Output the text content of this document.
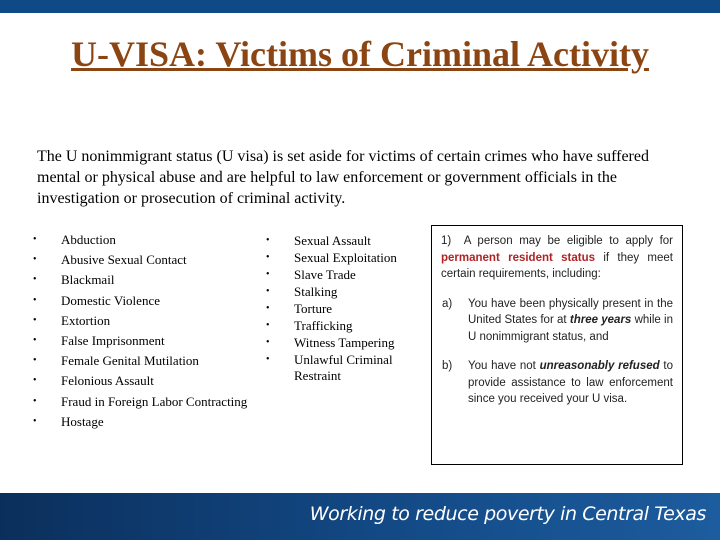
U-VISA: Victims of Criminal Activity
The U nonimmigrant status (U visa) is set aside for victims of certain crimes who have suffered mental or physical abuse and are helpful to law enforcement or government officials in the investigation or prosecution of criminal activity.
• Abduction
• Abusive Sexual Contact
• Blackmail
• Domestic Violence
• Extortion
• False Imprisonment
• Female Genital Mutilation
• Felonious Assault
• Fraud in Foreign Labor Contracting
• Hostage
• Sexual Assault
• Sexual Exploitation
• Slave Trade
• Stalking
• Torture
• Trafficking
• Witness Tampering
• Unlawful Criminal Restraint

1) A person may be eligible to apply for permanent resident status if they meet certain requirements, including:

a) You have been physically present in the United States for at three years while in U nonimmigrant status, and
b) You have not unreasonably refused to provide assistance to law enforcement since you received your U visa.
Working to reduce poverty in Central Texas
